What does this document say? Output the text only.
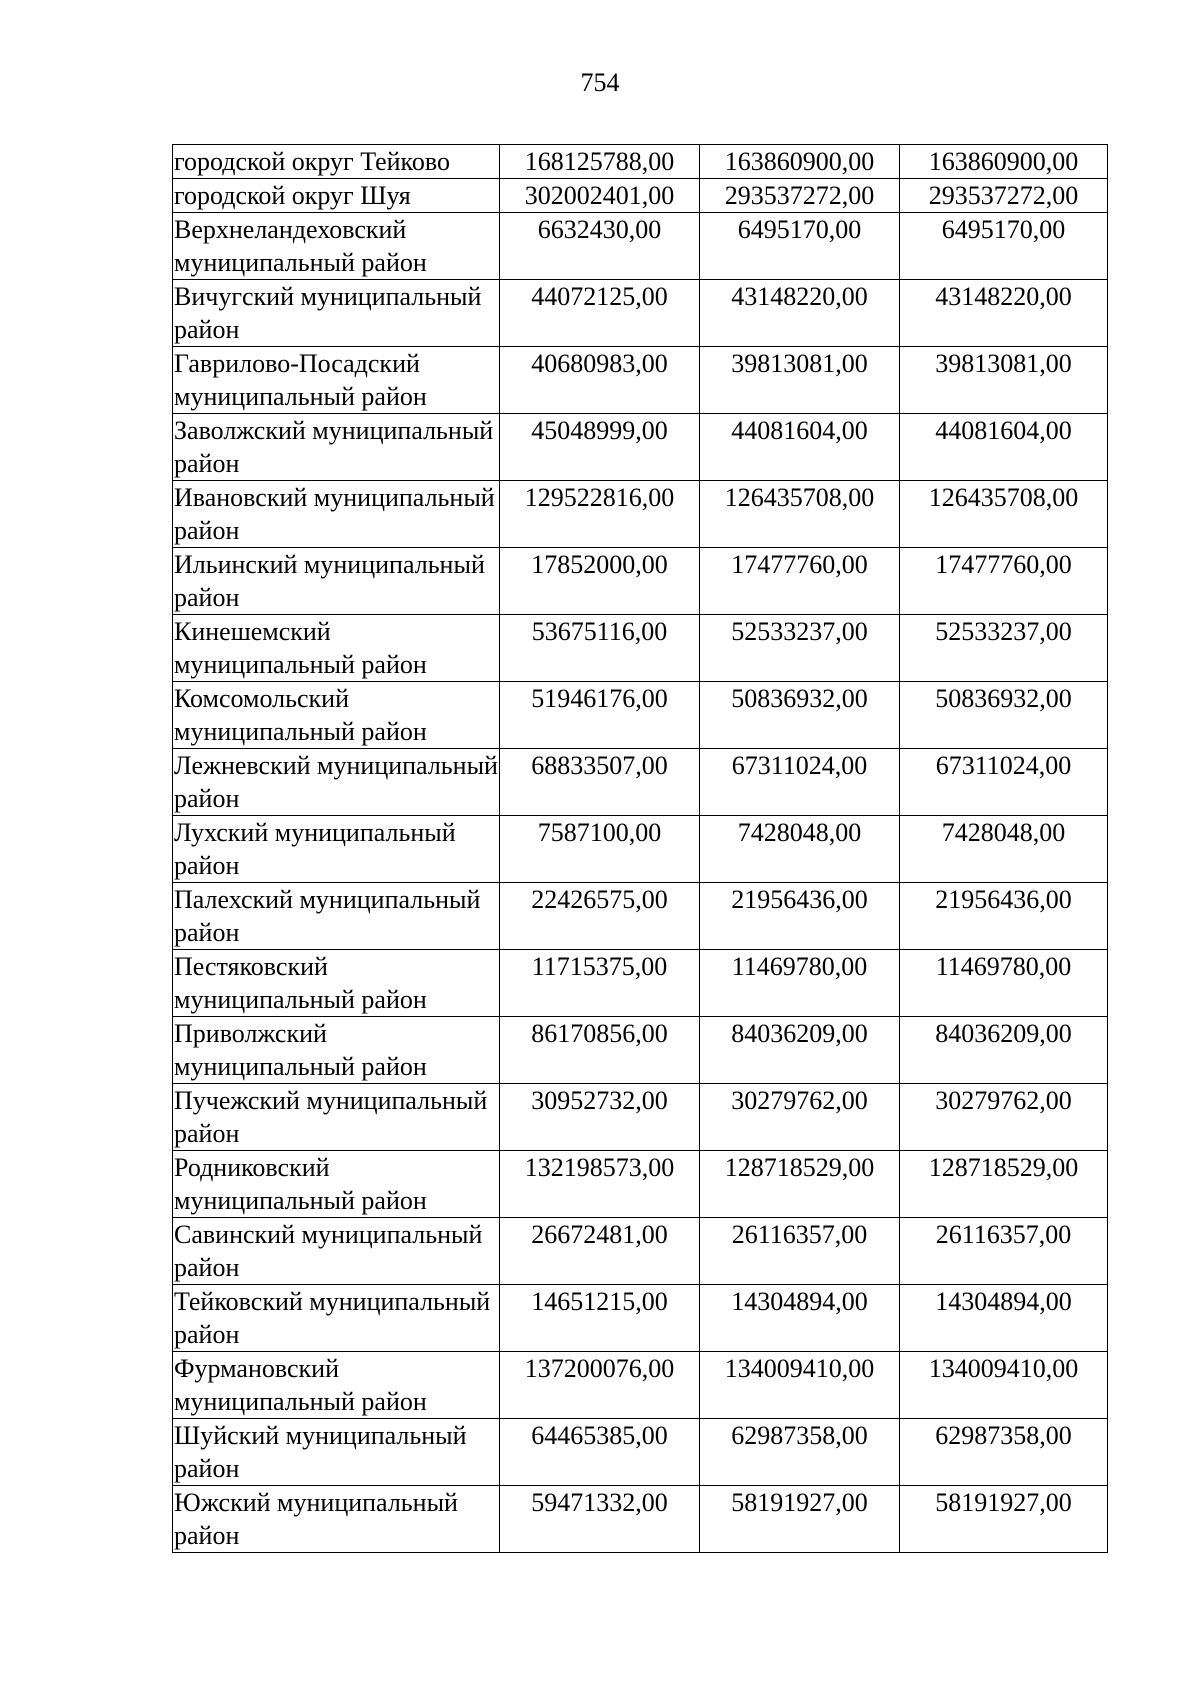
754
городской округ Тейково	168125788,00	163860900,00	163860900,00
городской округ Шуя	302002401,00	293537272,00	293537272,00
Верхнеландеховский муниципальный район	6632430,00	6495170,00	6495170,00
Вичугский муниципальный район	44072125,00	43148220,00	43148220,00
Гаврилово-Посадский муниципальный район	40680983,00	39813081,00	39813081,00
Заволжский муниципальный район	45048999,00	44081604,00	44081604,00
Ивановский муниципальный район	129522816,00	126435708,00	126435708,00
Ильинский муниципальный район	17852000,00	17477760,00	17477760,00
Кинешемский муниципальный район	53675116,00	52533237,00	52533237,00
Комсомольский муниципальный район	51946176,00	50836932,00	50836932,00
Лежневский муниципальный район	68833507,00	67311024,00	67311024,00
Лухский муниципальный район	7587100,00	7428048,00	7428048,00
Палехский муниципальный район	22426575,00	21956436,00	21956436,00
Пестяковский муниципальный район	11715375,00	11469780,00	11469780,00
Приволжский муниципальный район	86170856,00	84036209,00	84036209,00
Пучежский муниципальный район	30952732,00	30279762,00	30279762,00
Родниковский муниципальный район	132198573,00	128718529,00	128718529,00
Савинский муниципальный район	26672481,00	26116357,00	26116357,00
Тейковский муниципальный район	14651215,00	14304894,00	14304894,00
Фурмановский муниципальный район	137200076,00	134009410,00	134009410,00
Шуйский муниципальный район	64465385,00	62987358,00	62987358,00
Южский муниципальный район	59471332,00	58191927,00	58191927,00
